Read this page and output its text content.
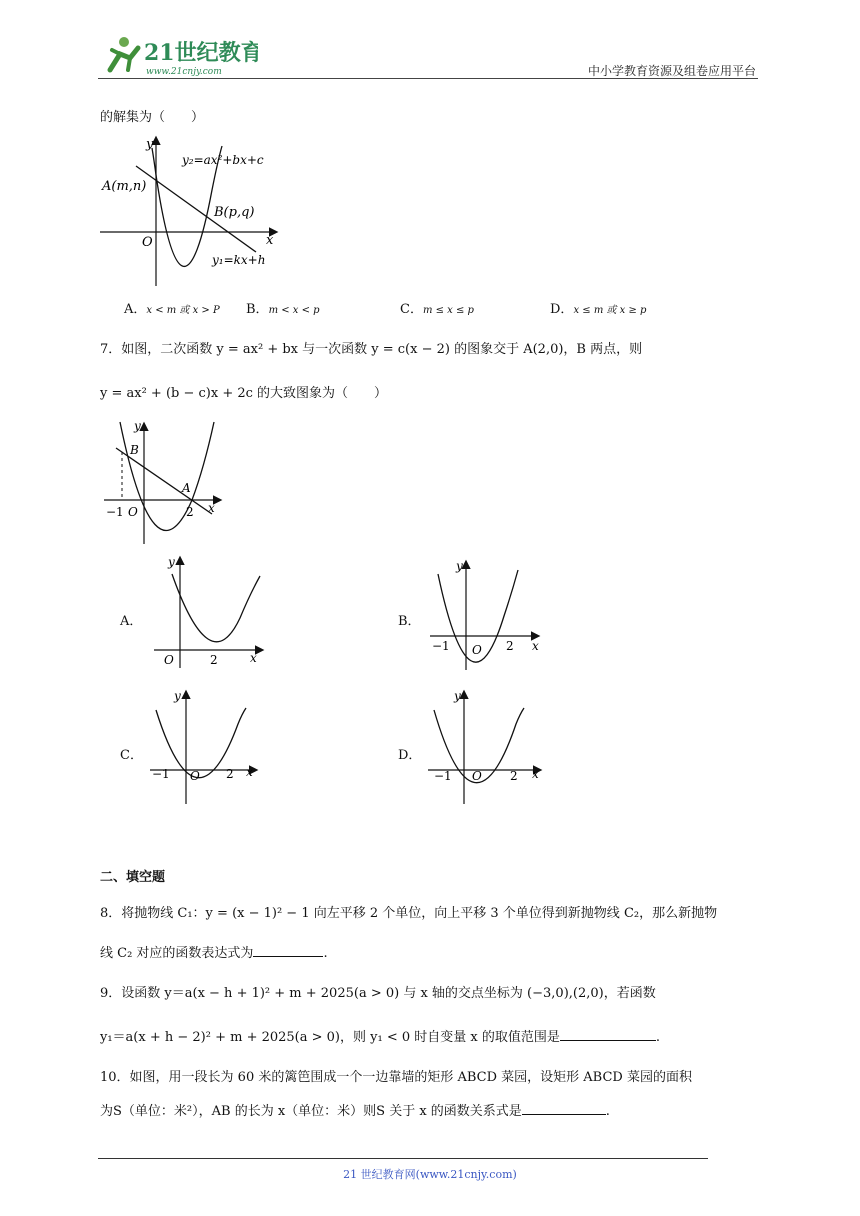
21世纪教育
www.21cnjy.com	中小学教育资源及组卷应用平台
的解集为（　　）
y
x
O
A(m,n)
B(p,q)
y₂=ax²+bx+c
y₁=kx+h
A．x < m 或 x > P B．m < x < p	C．m ≤ x ≤ p	D．x ≤ m 或 x ≥ p
7．如图，二次函数 y = ax² + bx 与一次函数 y = c(x − 2) 的图象交于 A(2,0)，B 两点，则
y = ax² + (b − c)x + 2c 的大致图象为（　　）
y
x
B
A
−1 O	2
A．
y
x
O	2
B．
y
x
−1 O 2
C．
y
x
−1 O 2
D．
y
x
−1 O 2
二、填空题
8．将抛物线 C₁：y = (x − 1)² − 1 向左平移 2 个单位，向上平移 3 个单位得到新抛物线 C₂，那么新抛物
线 C₂ 对应的函数表达式为	.
9．设函数 y＝a(x − h + 1)² + m + 2025(a > 0) 与 x 轴的交点坐标为 (−3,0),(2,0)，若函数
y₁＝a(x + h − 2)² + m + 2025(a > 0)，则 y₁ < 0 时自变量 x 的取值范围是	.
10．如图，用一段长为 60 米的篱笆围成一个一边靠墙的矩形 ABCD 菜园，设矩形 ABCD 菜园的面积
为S（单位：米²），AB 的长为 x（单位：米）则S 关于 x 的函数关系式是	.
21 世纪教育网(www.21cnjy.com)
